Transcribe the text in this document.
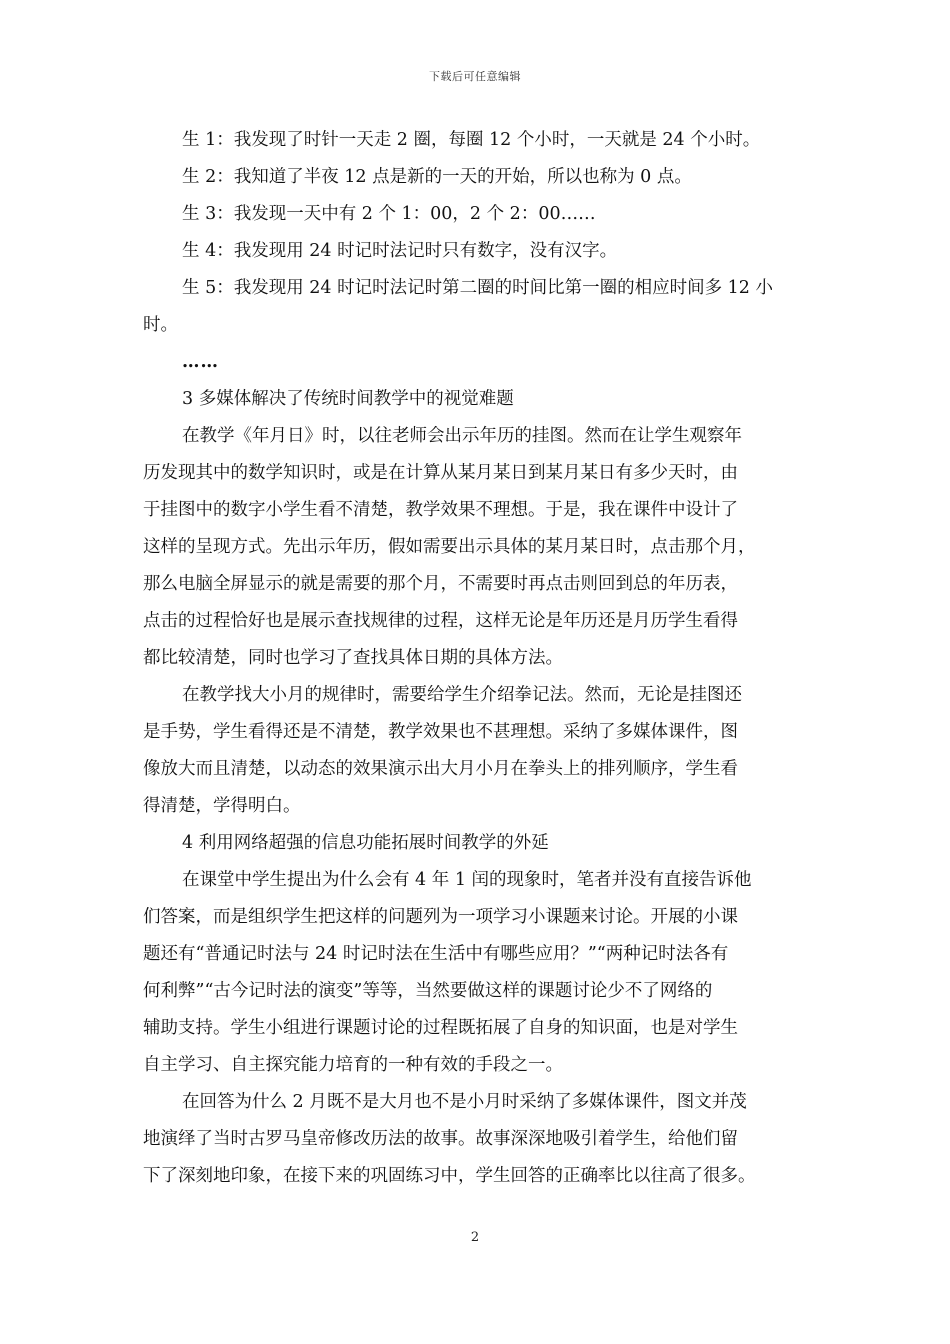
下载后可任意编辑
生 1：我发现了时针一天走 2 圈，每圈 12 个小时，一天就是 24 个小时。
生 2：我知道了半夜 12 点是新的一天的开始，所以也称为 0 点。
生 3：我发现一天中有 2 个 1：00，2 个 2：00……
生 4：我发现用 24 时记时法记时只有数字，没有汉字。
生 5：我发现用 24 时记时法记时第二圈的时间比第一圈的相应时间多 12 小
时。
……
3 多媒体解决了传统时间教学中的视觉难题
在教学《年月日》时，以往老师会出示年历的挂图。然而在让学生观察年
历发现其中的数学知识时，或是在计算从某月某日到某月某日有多少天时，由
于挂图中的数字小学生看不清楚，教学效果不理想。于是，我在课件中设计了
这样的呈现方式。先出示年历，假如需要出示具体的某月某日时，点击那个月，
那么电脑全屏显示的就是需要的那个月，不需要时再点击则回到总的年历表，
点击的过程恰好也是展示查找规律的过程，这样无论是年历还是月历学生看得
都比较清楚，同时也学习了查找具体日期的具体方法。
在教学找大小月的规律时，需要给学生介绍拳记法。然而，无论是挂图还
是手势，学生看得还是不清楚，教学效果也不甚理想。采纳了多媒体课件，图
像放大而且清楚，以动态的效果演示出大月小月在拳头上的排列顺序，学生看
得清楚，学得明白。
4 利用网络超强的信息功能拓展时间教学的外延
在课堂中学生提出为什么会有 4 年 1 闰的现象时，笔者并没有直接告诉他
们答案，而是组织学生把这样的问题列为一项学习小课题来讨论。开展的小课
题还有“普通记时法与 24 时记时法在生活中有哪些应用？”“两种记时法各有
何利弊”“古今记时法的演变”等等，当然要做这样的课题讨论少不了网络的
辅助支持。学生小组进行课题讨论的过程既拓展了自身的知识面，也是对学生
自主学习、自主探究能力培育的一种有效的手段之一。
在回答为什么 2 月既不是大月也不是小月时采纳了多媒体课件，图文并茂
地演绎了当时古罗马皇帝修改历法的故事。故事深深地吸引着学生，给他们留
下了深刻地印象，在接下来的巩固练习中，学生回答的正确率比以往高了很多。
2
